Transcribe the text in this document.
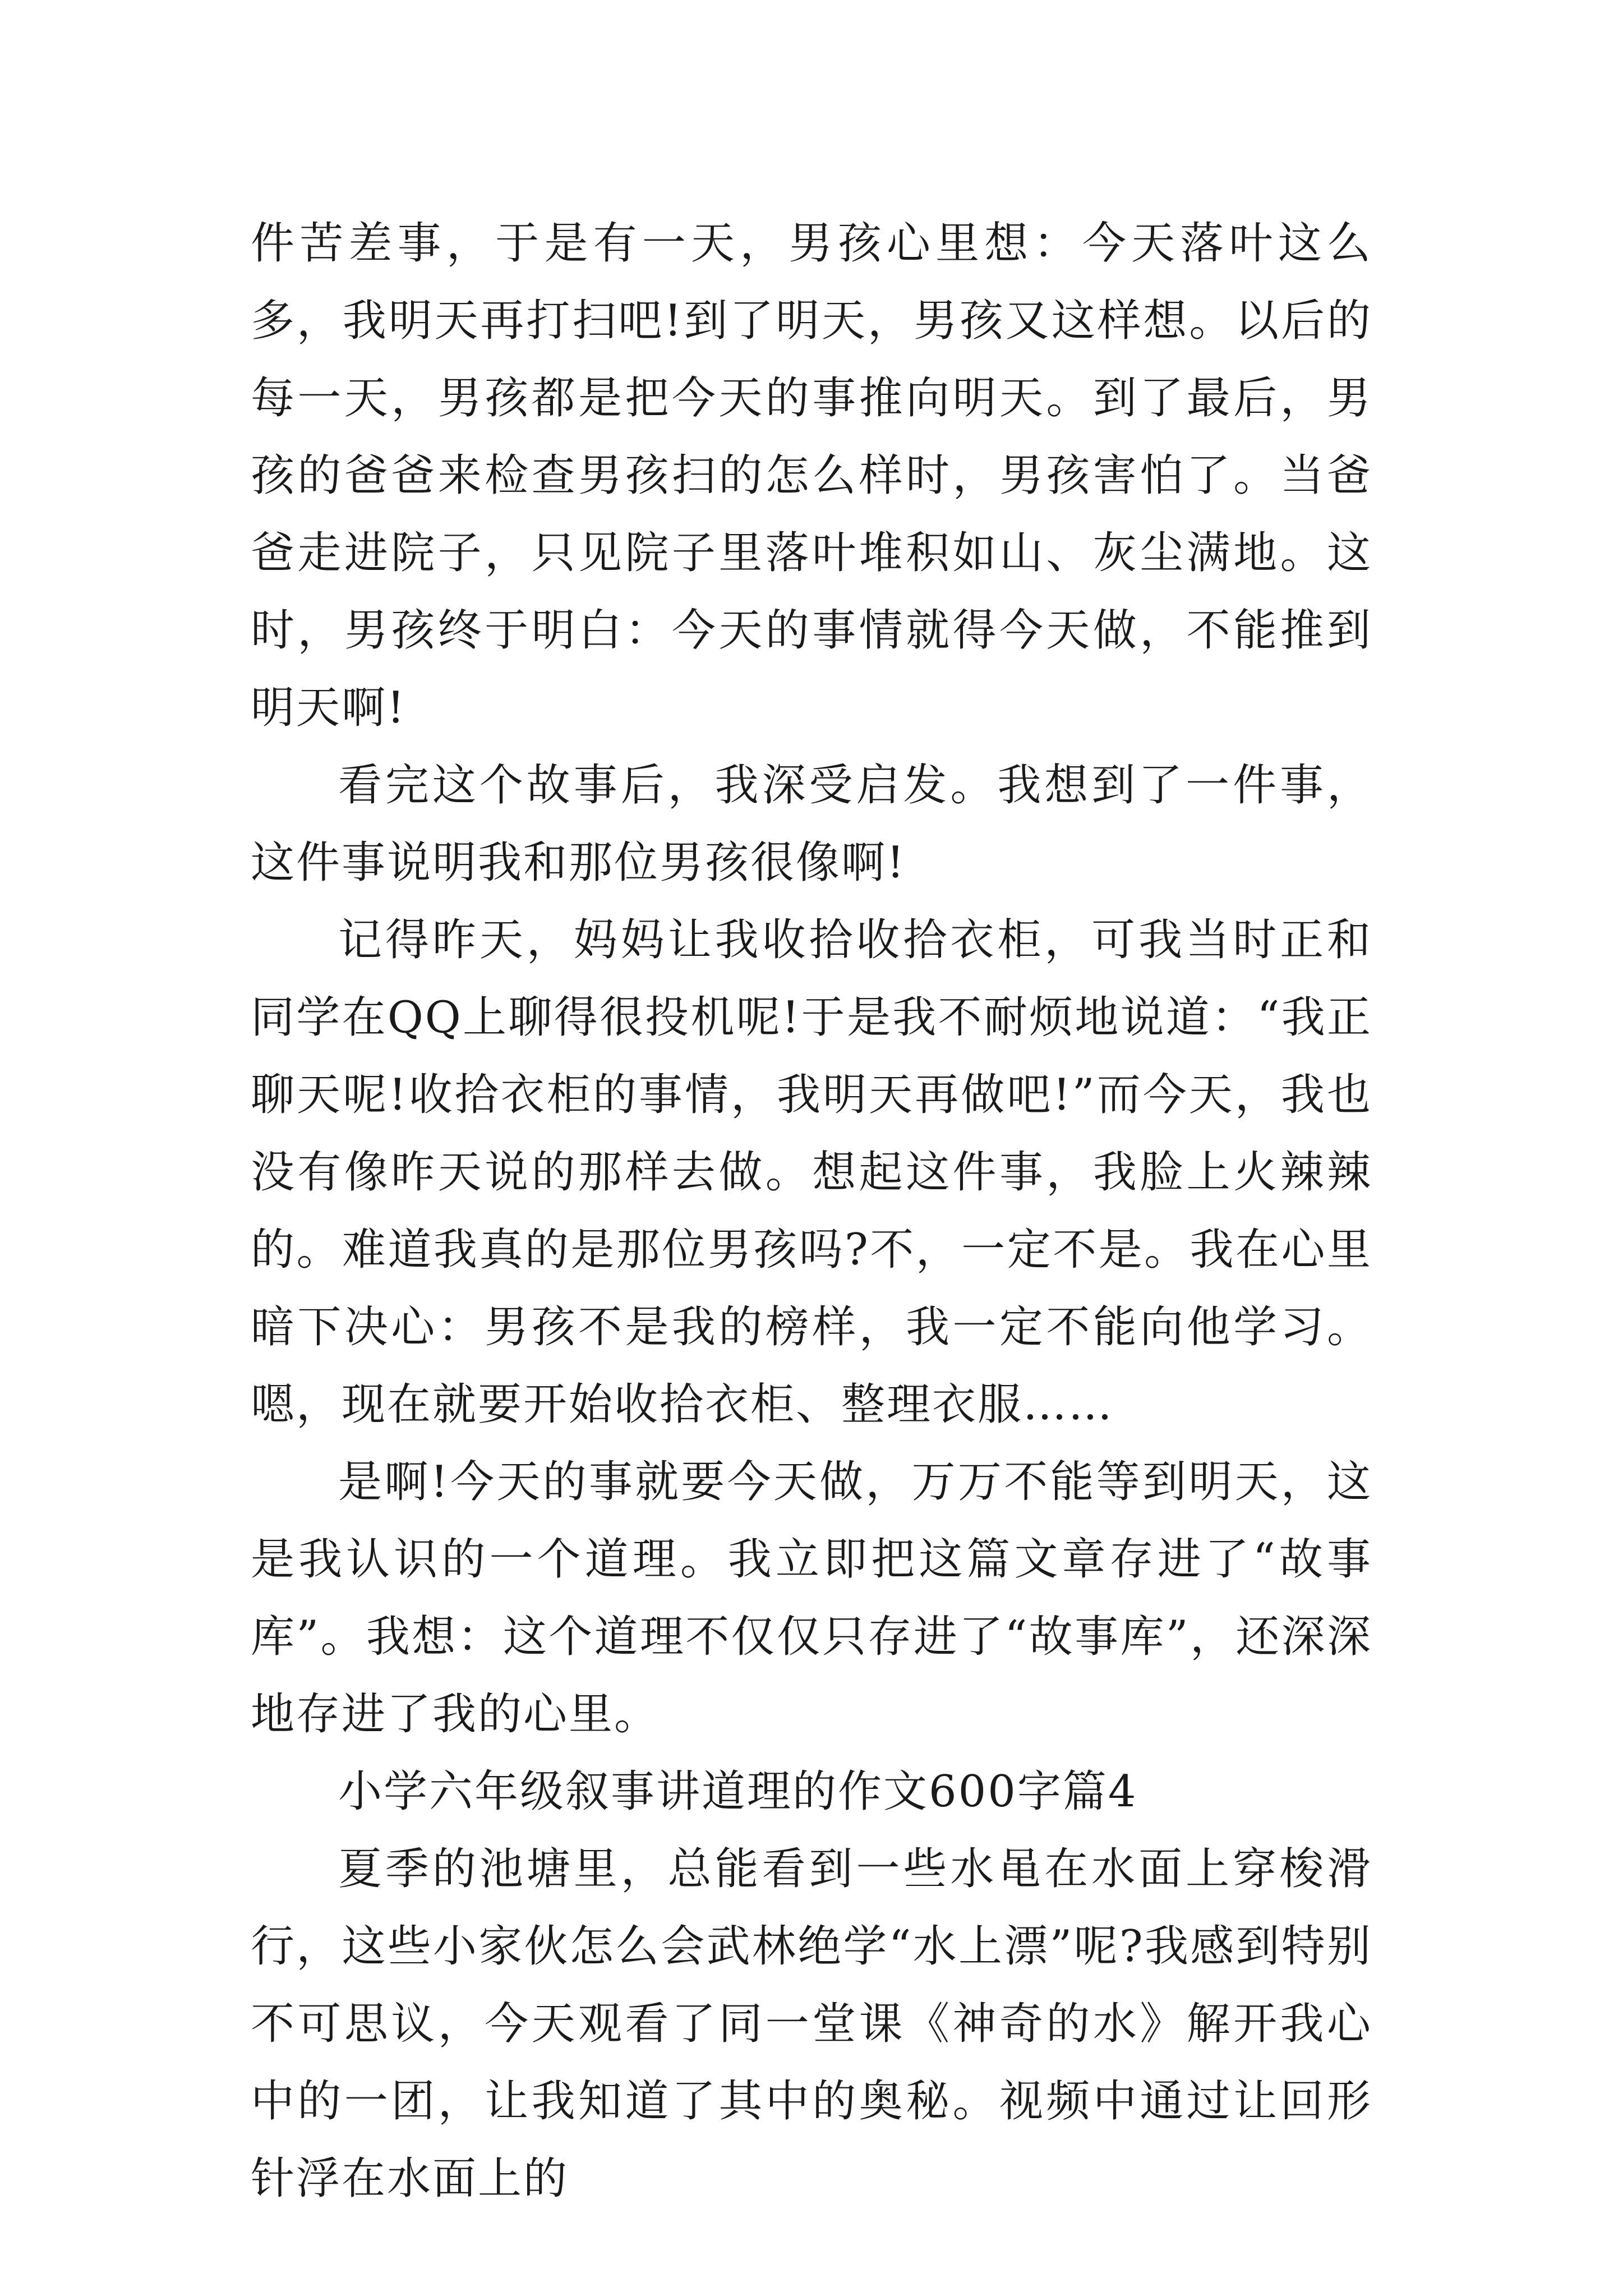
件苦差事，于是有一天，男孩心里想：今天落叶这么多，我明天再打扫吧!到了明天，男孩又这样想。以后的每一天，男孩都是把今天的事推向明天。到了最后，男孩的爸爸来检查男孩扫的怎么样时，男孩害怕了。当爸爸走进院子，只见院子里落叶堆积如山、灰尘满地。这时，男孩终于明白：今天的事情就得今天做，不能推到明天啊!

看完这个故事后，我深受启发。我想到了一件事，这件事说明我和那位男孩很像啊!

记得昨天，妈妈让我收拾收拾衣柜，可我当时正和同学在QQ上聊得很投机呢!于是我不耐烦地说道：“我正聊天呢!收拾衣柜的事情，我明天再做吧!”而今天，我也没有像昨天说的那样去做。想起这件事，我脸上火辣辣的。难道我真的是那位男孩吗?不，一定不是。我在心里暗下决心：男孩不是我的榜样，我一定不能向他学习。嗯，现在就要开始收拾衣柜、整理衣服……

是啊!今天的事就要今天做，万万不能等到明天，这是我认识的一个道理。我立即把这篇文章存进了“故事库”。我想：这个道理不仅仅只存进了“故事库”，还深深地存进了我的心里。

小学六年级叙事讲道理的作文600字篇4

夏季的池塘里，总能看到一些水黾在水面上穿梭滑行，这些小家伙怎么会武林绝学“水上漂”呢?我感到特别不可思议，今天观看了同一堂课《神奇的水》解开我心中的一团，让我知道了其中的奥秘。视频中通过让回形针浮在水面上的
